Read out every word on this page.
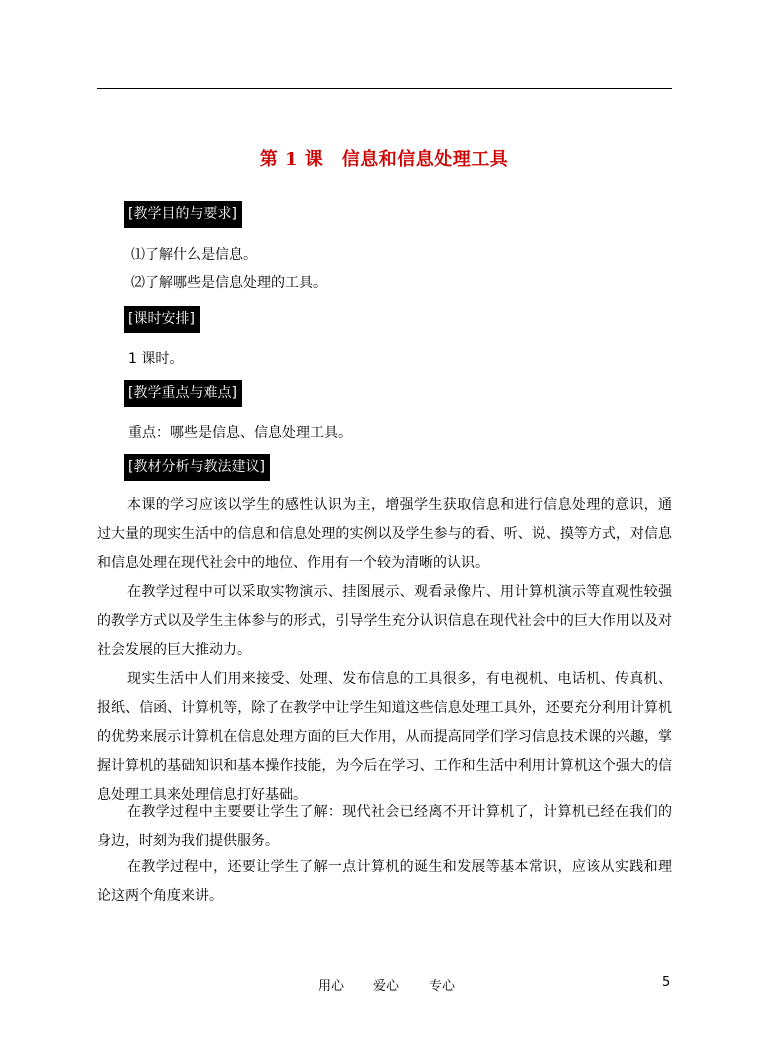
第 1 课　信息和信息处理工具
[教学目的与要求]
⑴了解什么是信息。
⑵了解哪些是信息处理的工具。
[课时安排]
1 课时。
[教学重点与难点]
重点：哪些是信息、信息处理工具。
[教材分析与教法建议]

本课的学习应该以学生的感性认识为主，增强学生获取信息和进行信息处理的意识，通过大量的现实生活中的信息和信息处理的实例以及学生参与的看、听、说、摸等方式，对信息和信息处理在现代社会中的地位、作用有一个较为清晰的认识。

在教学过程中可以采取实物演示、挂图展示、观看录像片、用计算机演示等直观性较强的教学方式以及学生主体参与的形式，引导学生充分认识信息在现代社会中的巨大作用以及对社会发展的巨大推动力。

现实生活中人们用来接受、处理、发布信息的工具很多，有电视机、电话机、传真机、报纸、信函、计算机等，除了在教学中让学生知道这些信息处理工具外，还要充分利用计算机的优势来展示计算机在信息处理方面的巨大作用，从而提高同学们学习信息技术课的兴趣，掌握计算机的基础知识和基本操作技能，为今后在学习、工作和生活中利用计算机这个强大的信息处理工具来处理信息打好基础。

在教学过程中主要要让学生了解：现代社会已经离不开计算机了，计算机已经在我们的身边，时刻为我们提供服务。

在教学过程中，还要让学生了解一点计算机的诞生和发展等基本常识，应该从实践和理论这两个角度来讲。

用心 爱心 专心	5
